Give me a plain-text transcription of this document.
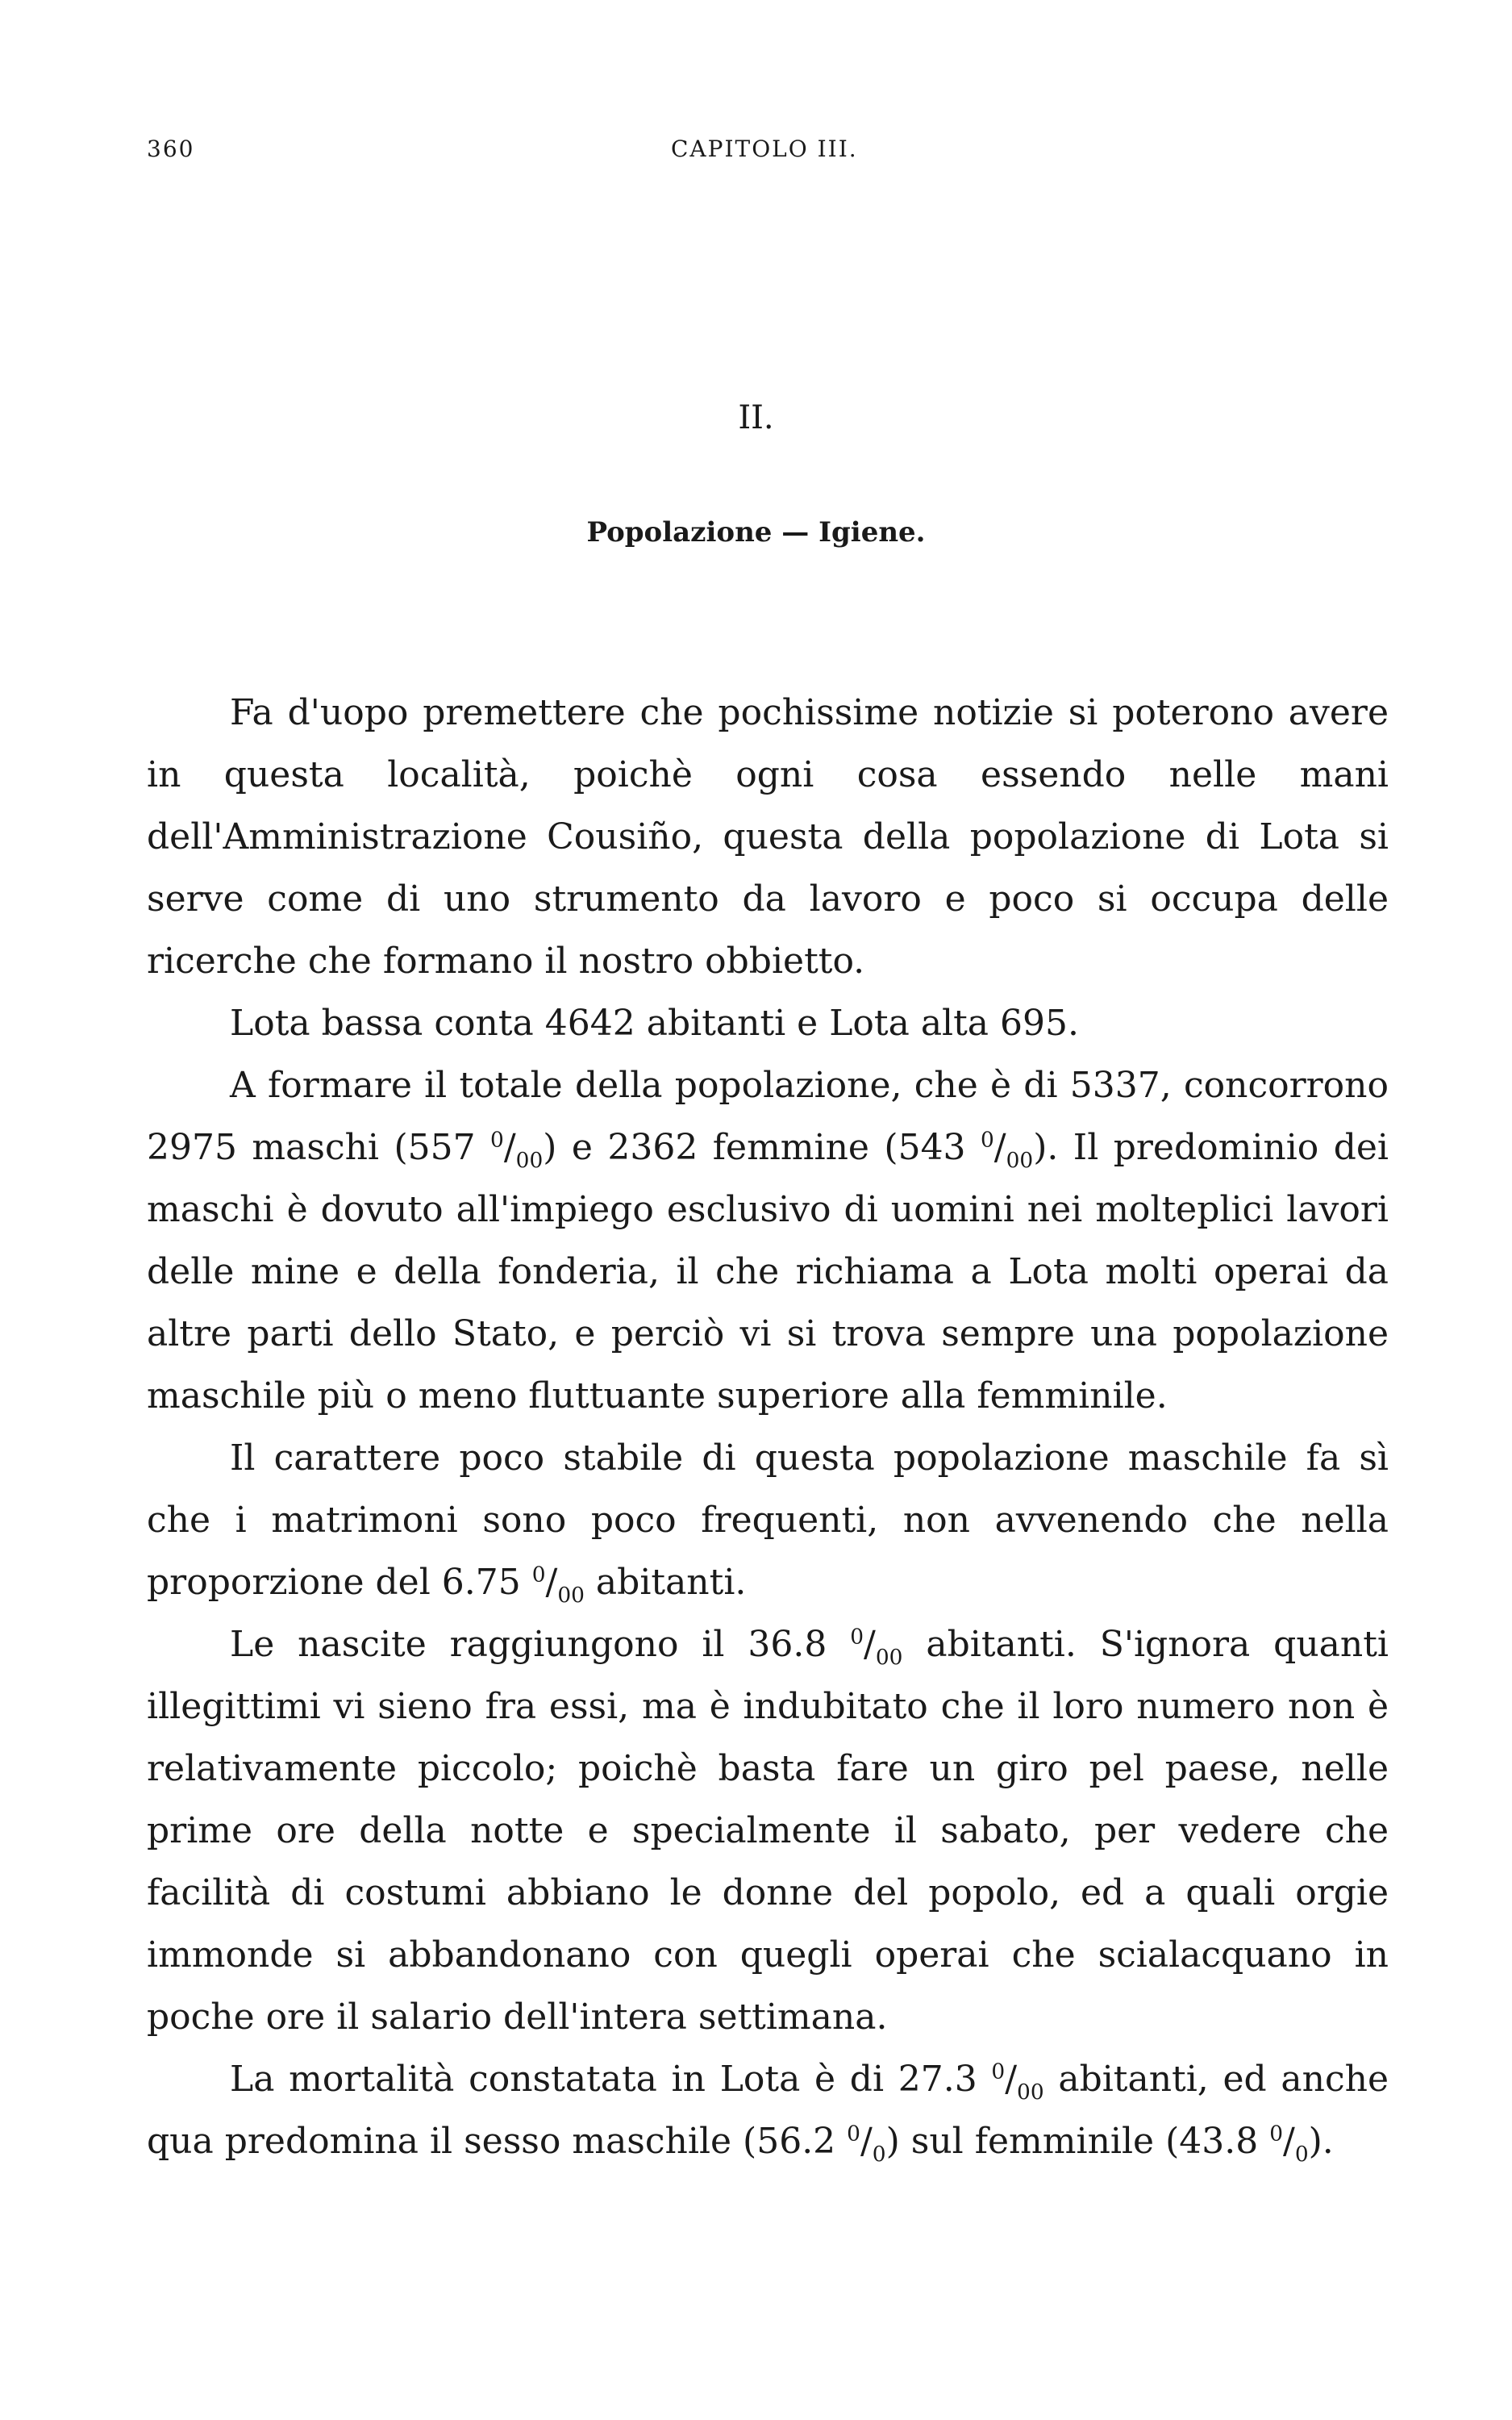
360	CAPITOLO III.
II.
Popolazione — Igiene.

Fa d'uopo premettere che pochissime notizie si poterono avere in questa località, poichè ogni cosa essendo nelle mani dell'Amministrazione Cousiño, questa della popolazione di Lota si serve come di uno strumento da lavoro e poco si occupa delle ricerche che formano il nostro obbietto.

Lota bassa conta 4642 abitanti e Lota alta 695.

A formare il totale della popolazione, che è di 5337, concorrono 2975 maschi (557 $^0/_{00}$) e 2362 femmine (543 $^0/_{00}$). Il predominio dei maschi è dovuto all'impiego esclusivo di uomini nei molteplici lavori delle mine e della fonderia, il che richiama a Lota molti operai da altre parti dello Stato, e perciò vi si trova sempre una popolazione maschile più o meno fluttuante superiore alla femminile.

Il carattere poco stabile di questa popolazione maschile fa sì che i matrimoni sono poco frequenti, non avvenendo che nella proporzione del 6.75 $^0/_{00}$ abitanti.

Le nascite raggiungono il 36.8 $^0/_{00}$ abitanti. S'ignora quanti illegittimi vi sieno fra essi, ma è indubitato che il loro numero non è relativamente piccolo; poichè basta fare un giro pel paese, nelle prime ore della notte e specialmente il sabato, per vedere che facilità di costumi abbiano le donne del popolo, ed a quali orgie immonde si abbandonano con quegli operai che scialacquano in poche ore il salario dell'intera settimana.

La mortalità constatata in Lota è di 27.3 $^0/_{00}$ abitanti, ed anche qua predomina il sesso maschile (56.2 $^0/_0$) sul femminile (43.8 $^0/_0$).
